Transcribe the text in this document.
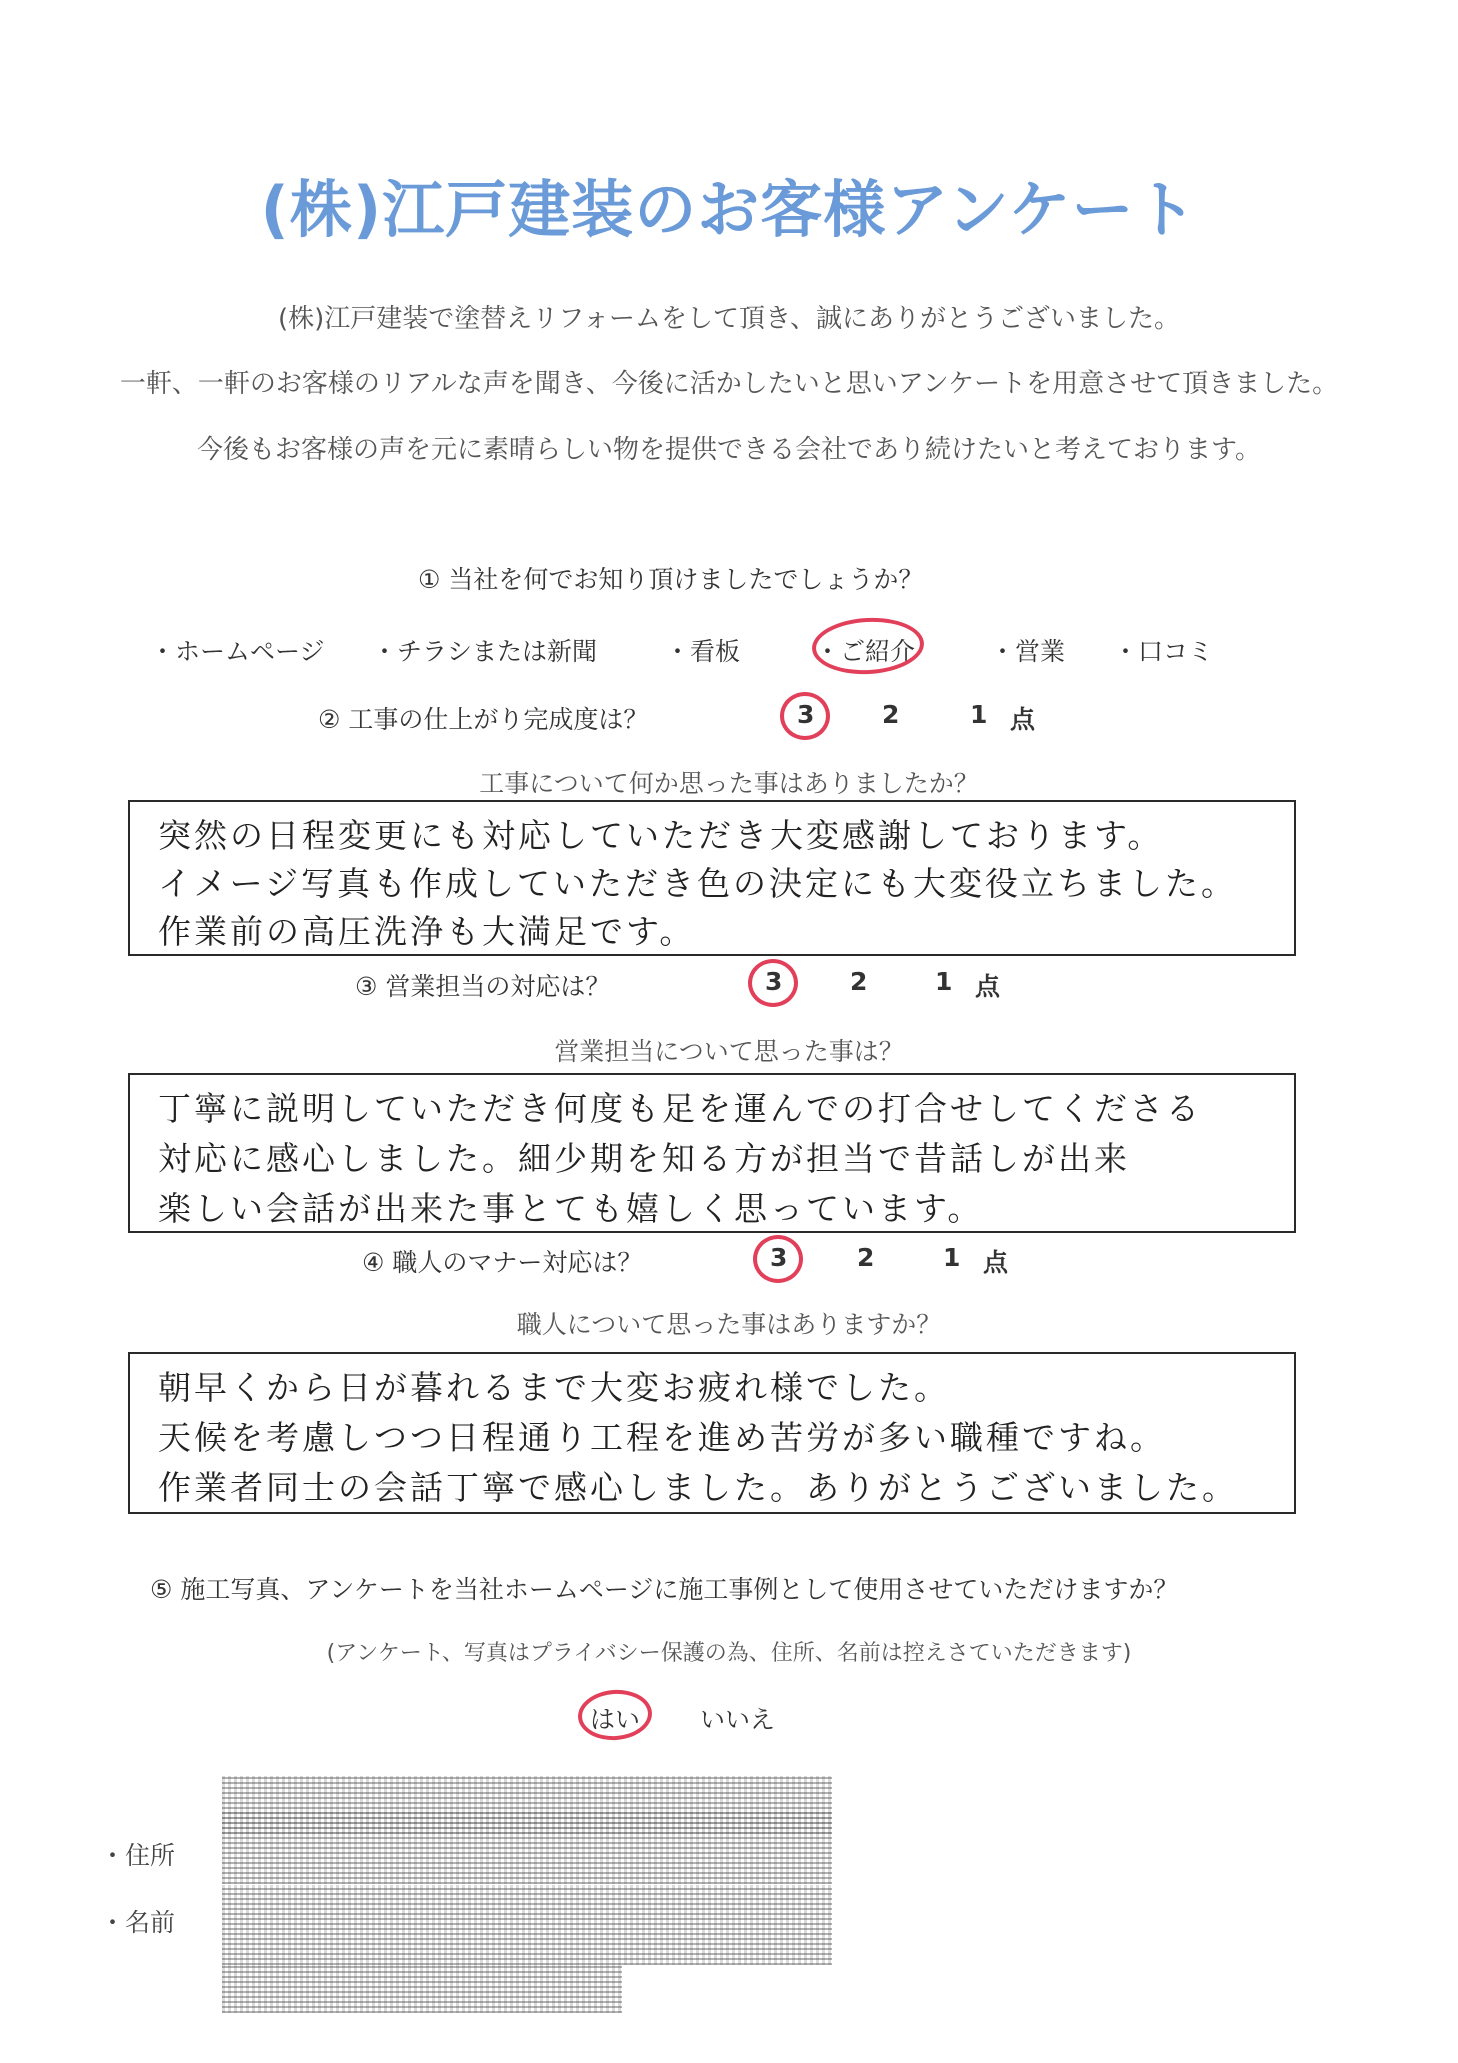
(株)江戸建装のお客様アンケート
(株)江戸建装で塗替えリフォームをして頂き、誠にありがとうございました。
一軒、一軒のお客様のリアルな声を聞き、今後に活かしたいと思いアンケートを用意させて頂きました。
今後もお客様の声を元に素晴らしい物を提供できる会社であり続けたいと考えております。
① 当社を何でお知り頂けましたでしょうか？
・ホームページ ・チラシまたは新聞	・看板	・ご紹介	・営業 ・口コミ
② 工事の仕上がり完成度は？	3	2	1 点
工事について何か思った事はありましたか？
突然の日程変更にも対応していただき大変感謝しております。
イメージ写真も作成していただき色の決定にも大変役立ちました。
作業前の高圧洗浄も大満足です。
③ 営業担当の対応は？	3	2	1 点
営業担当について思った事は？
丁寧に説明していただき何度も足を運んでの打合せしてくださる
対応に感心しました。細少期を知る方が担当で昔話しが出来
楽しい会話が出来た事とても嬉しく思っています。
④ 職人のマナー対応は？	3	2	1 点
職人について思った事はありますか？
朝早くから日が暮れるまで大変お疲れ様でした。
天候を考慮しつつ日程通り工程を進め苦労が多い職種ですね。
作業者同士の会話丁寧で感心しました。ありがとうございました。
⑤ 施工写真、アンケートを当社ホームページに施工事例として使用させていただけますか？
(アンケート、写真はプライバシー保護の為、住所、名前は控えさていただきます)
はい いいえ
・住所
・名前
